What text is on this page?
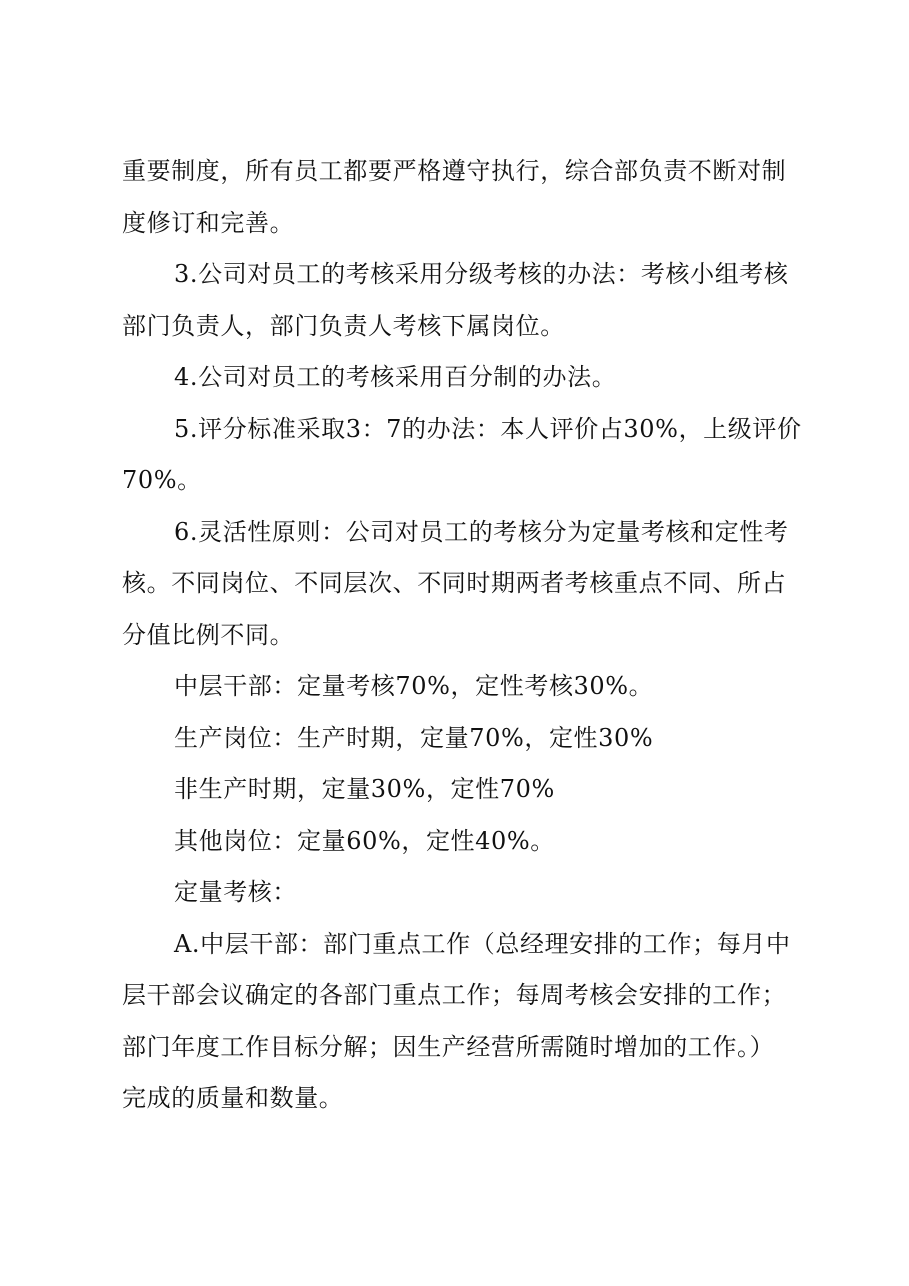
重要制度，所有员工都要严格遵守执行，综合部负责不断对制

度修订和完善。

3.公司对员工的考核采用分级考核的办法：考核小组考核

部门负责人，部门负责人考核下属岗位。

4.公司对员工的考核采用百分制的办法。

5.评分标准采取3：7的办法：本人评价占30%，上级评价

70%。

6.灵活性原则：公司对员工的考核分为定量考核和定性考

核。不同岗位、不同层次、不同时期两者考核重点不同、所占

分值比例不同。

中层干部：定量考核70%，定性考核30%。

生产岗位：生产时期，定量70%，定性30%

非生产时期，定量30%，定性70%

其他岗位：定量60%，定性40%。

定量考核：

A.中层干部：部门重点工作（总经理安排的工作；每月中

层干部会议确定的各部门重点工作；每周考核会安排的工作；

部门年度工作目标分解；因生产经营所需随时增加的工作。）

完成的质量和数量。
